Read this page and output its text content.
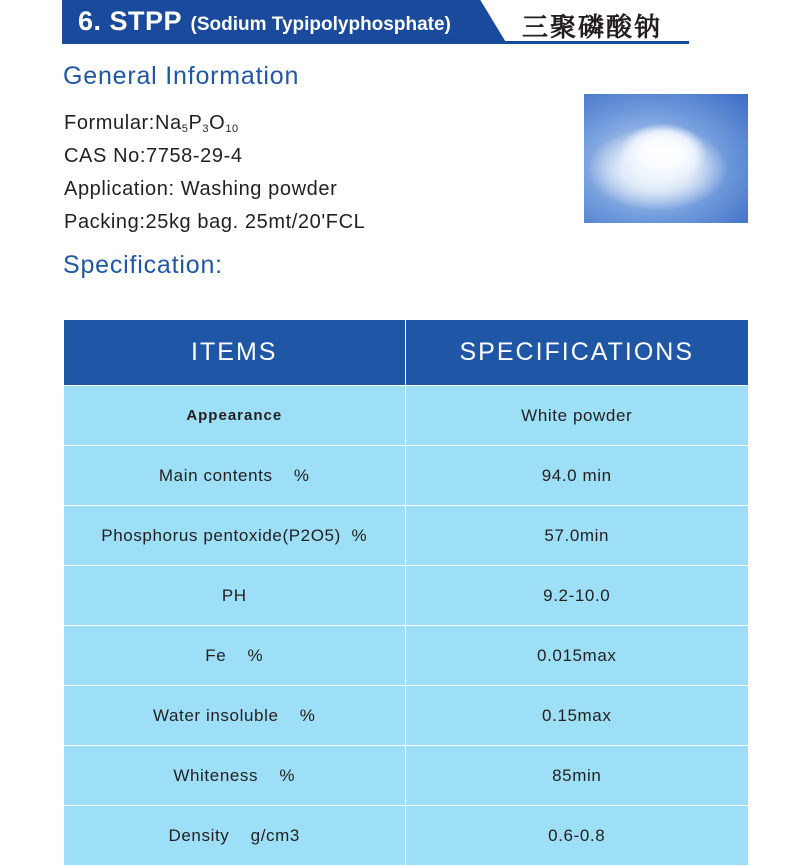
6. STPP (Sodium Typipolyphosphate)	三聚磷酸钠
General Information
$Formular:Na_5P_3O_{10}$
CAS No:7758-29-4
Application: Washing powder
Packing:25kg bag. 25mt/20'FCL
Specification:
ITEMS	SPECIFICATIONS
Appearance	White powder
Main contents    %	94.0 min
Phosphorus pentoxide(P2O5)  %	57.0min
PH	9.2-10.0
Fe    %	0.015max
Water insoluble    %	0.15max
Whiteness    %	85min
Density    g/cm3	0.6-0.8
